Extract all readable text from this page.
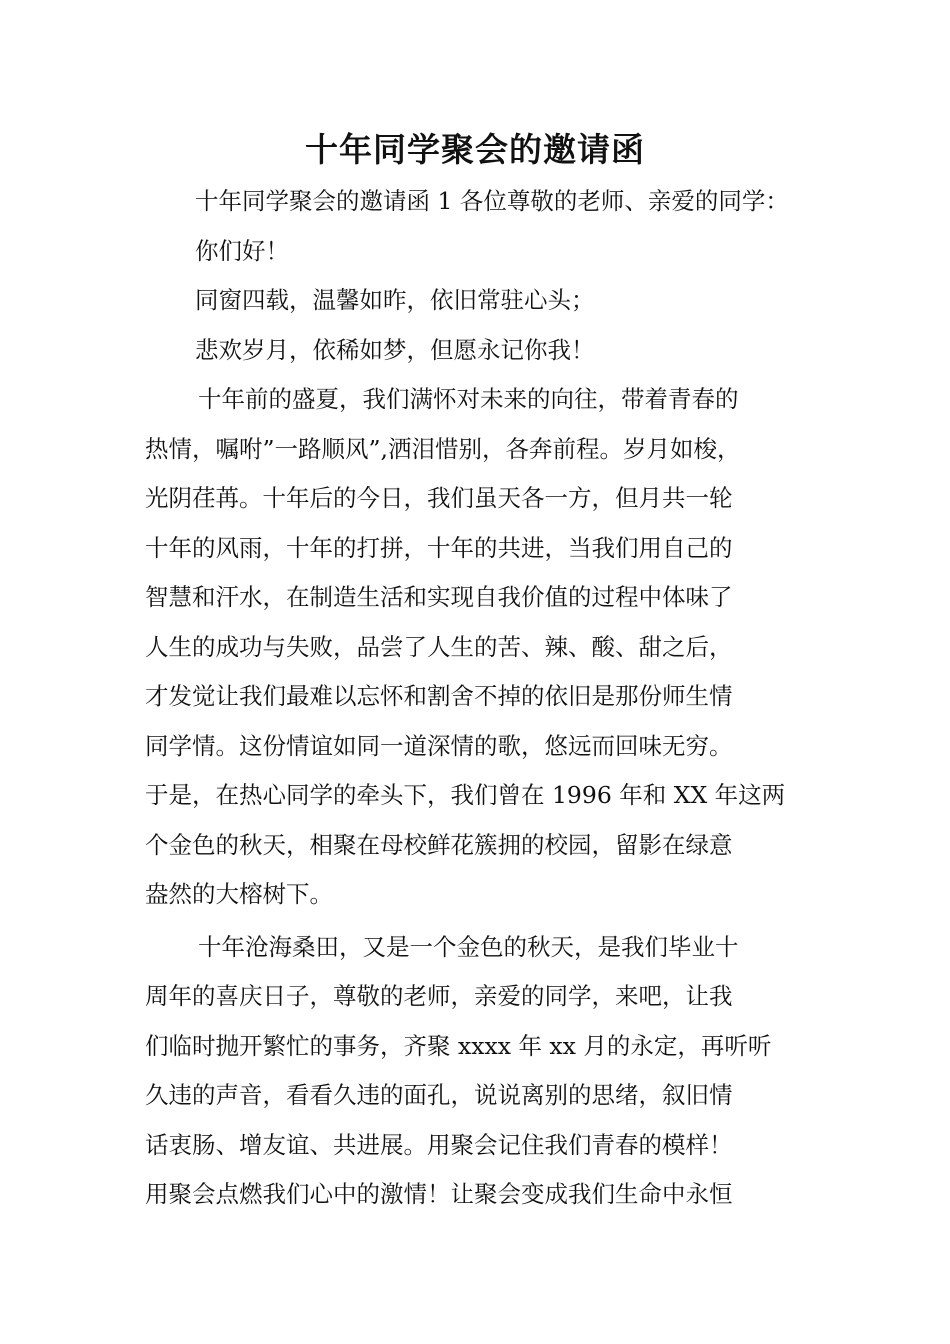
十年同学聚会的邀请函
十年同学聚会的邀请函 1 各位尊敬的老师、亲爱的同学：
你们好！
同窗四载，温馨如昨，依旧常驻心头；
悲欢岁月，依稀如梦，但愿永记你我！
十年前的盛夏，我们满怀对未来的向往，带着青春的
热情，嘱咐”一路顺风”,洒泪惜别，各奔前程。岁月如梭，
光阴荏苒。十年后的今日，我们虽天各一方，但月共一轮
十年的风雨，十年的打拼，十年的共进，当我们用自己的
智慧和汗水，在制造生活和实现自我价值的过程中体味了
人生的成功与失败，品尝了人生的苦、辣、酸、甜之后，
才发觉让我们最难以忘怀和割舍不掉的依旧是那份师生情
同学情。这份情谊如同一道深情的歌，悠远而回味无穷。
于是，在热心同学的牵头下，我们曾在 1996 年和 XX 年这两
个金色的秋天，相聚在母校鲜花簇拥的校园，留影在绿意
盎然的大榕树下。
十年沧海桑田，又是一个金色的秋天，是我们毕业十
周年的喜庆日子，尊敬的老师，亲爱的同学，来吧，让我
们临时抛开繁忙的事务，齐聚 xxxx 年 xx 月的永定，再听听
久违的声音，看看久违的面孔，说说离别的思绪，叙旧情
话衷肠、增友谊、共进展。用聚会记住我们青春的模样！
用聚会点燃我们心中的激情！让聚会变成我们生命中永恒
